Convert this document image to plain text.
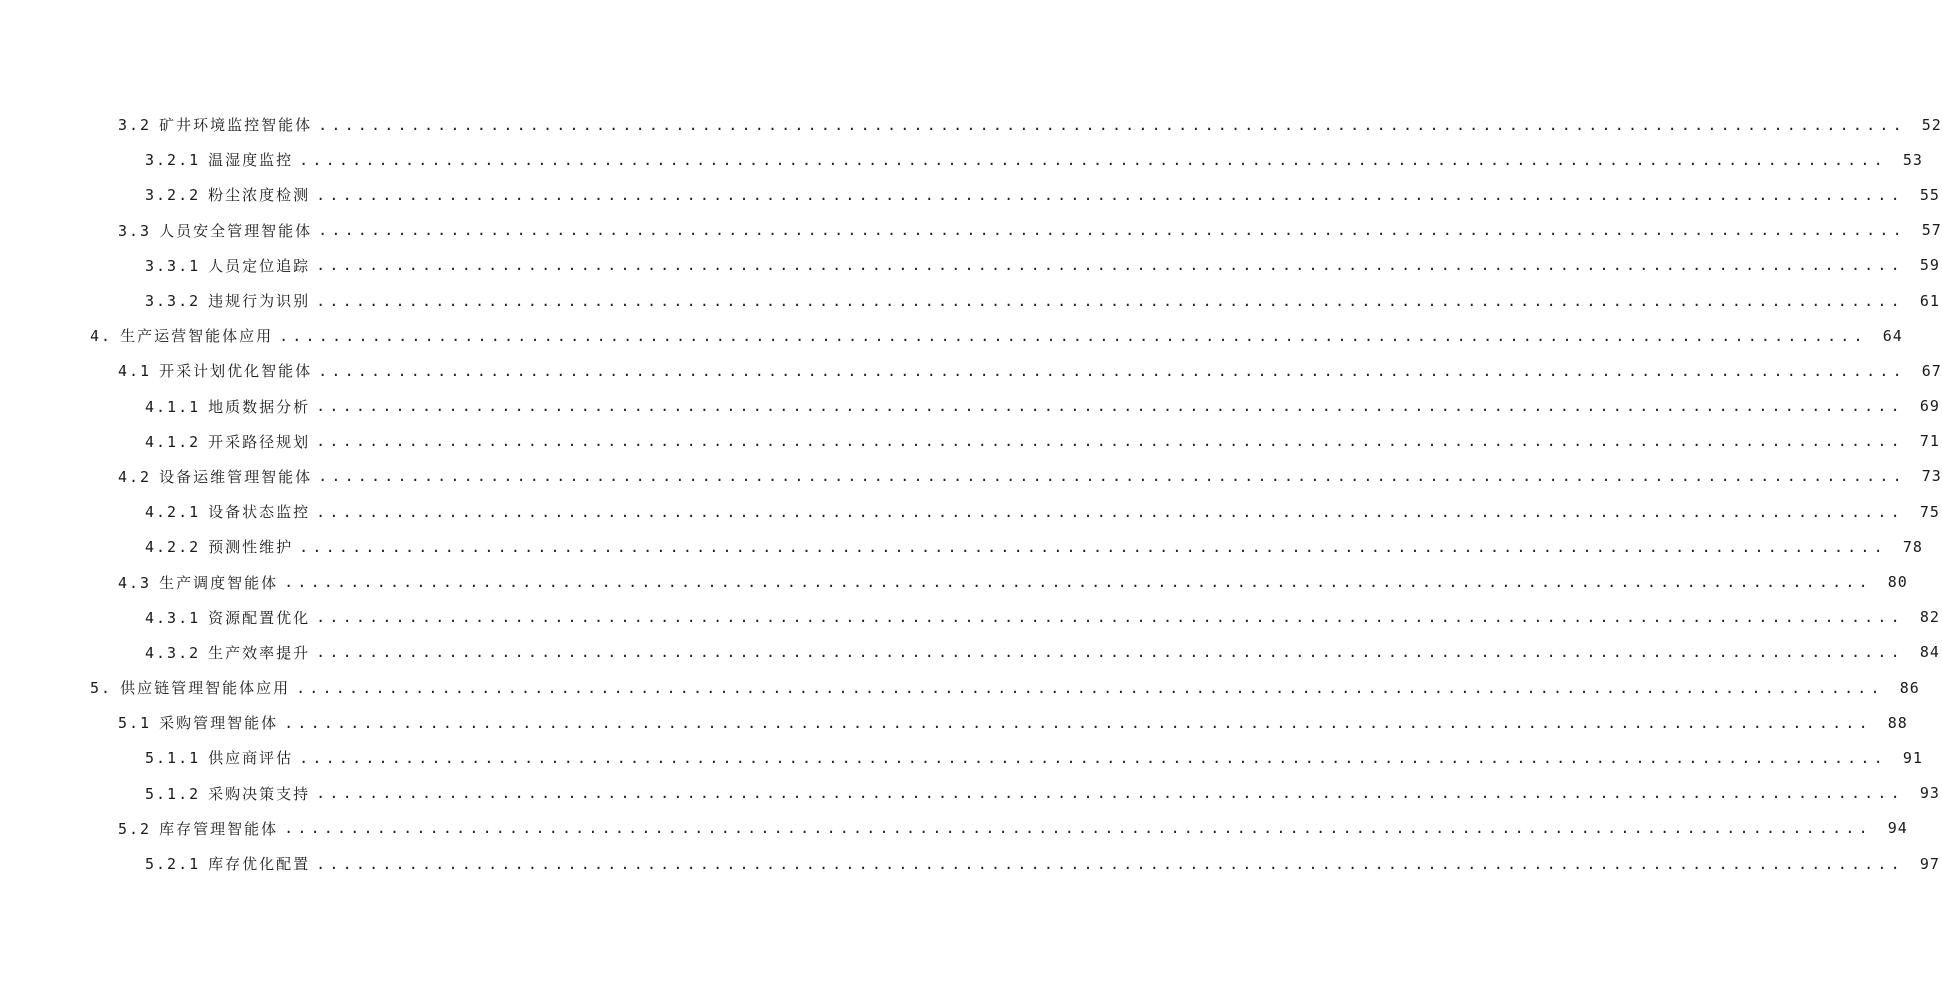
3.2 矿井环境监控智能体 ........................................................................................................................	52
3.2.1 温湿度监控 ........................................................................................................................	53
3.2.2 粉尘浓度检测 ........................................................................................................................	55
3.3 人员安全管理智能体 ........................................................................................................................	57
3.3.1 人员定位追踪 ........................................................................................................................	59
3.3.2 违规行为识别 ........................................................................................................................	61
4. 生产运营智能体应用 ........................................................................................................................	64
4.1 开采计划优化智能体 ........................................................................................................................	67
4.1.1 地质数据分析 ........................................................................................................................	69
4.1.2 开采路径规划 ........................................................................................................................	71
4.2 设备运维管理智能体 ........................................................................................................................	73
4.2.1 设备状态监控 ........................................................................................................................	75
4.2.2 预测性维护 ........................................................................................................................	78
4.3 生产调度智能体 ........................................................................................................................	80
4.3.1 资源配置优化 ........................................................................................................................	82
4.3.2 生产效率提升 ........................................................................................................................	84
5. 供应链管理智能体应用 ........................................................................................................................	86
5.1 采购管理智能体 ........................................................................................................................	88
5.1.1 供应商评估 ........................................................................................................................	91
5.1.2 采购决策支持 ........................................................................................................................	93
5.2 库存管理智能体 ........................................................................................................................	94
5.2.1 库存优化配置 ........................................................................................................................	97
